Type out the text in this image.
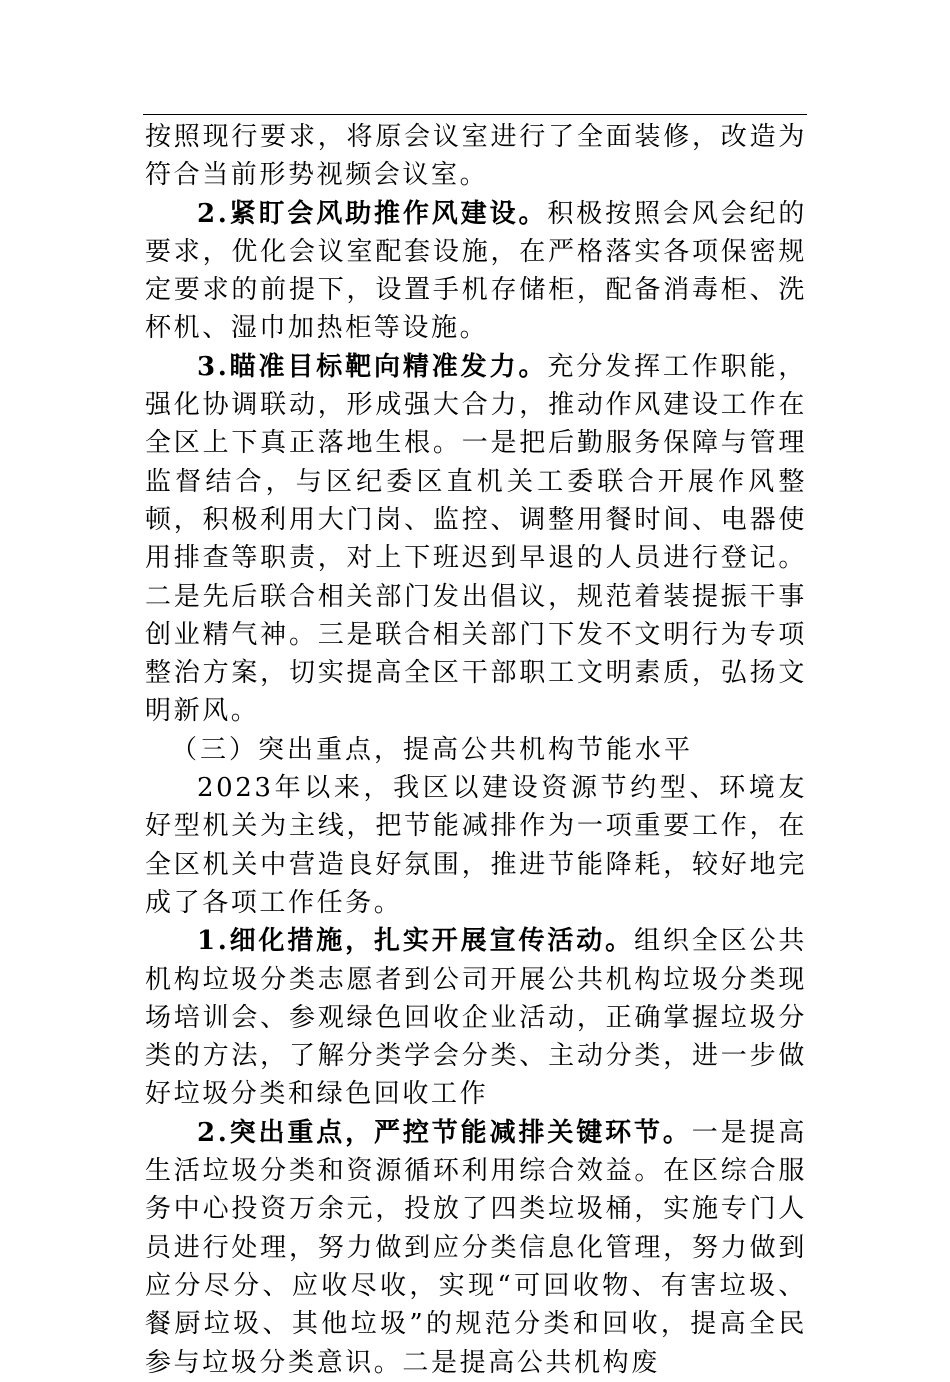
按照现行要求，将原会议室进行了全面装修，改造为符合当前形势视频会议室。

2.紧盯会风助推作风建设。积极按照会风会纪的要求，优化会议室配套设施，在严格落实各项保密规定要求的前提下，设置手机存储柜，配备消毒柜、洗杯机、湿巾加热柜等设施。

3.瞄准目标靶向精准发力。充分发挥工作职能，强化协调联动，形成强大合力，推动作风建设工作在全区上下真正落地生根。一是把后勤服务保障与管理监督结合，与区纪委区直机关工委联合开展作风整顿，积极利用大门岗、监控、调整用餐时间、电器使用排查等职责，对上下班迟到早退的人员进行登记。二是先后联合相关部门发出倡议，规范着装提振干事创业精气神。三是联合相关部门下发不文明行为专项整治方案，切实提高全区干部职工文明素质，弘扬文明新风。

（三）突出重点，提高公共机构节能水平

2023年以来，我区以建设资源节约型、环境友好型机关为主线，把节能减排作为一项重要工作，在全区机关中营造良好氛围，推进节能降耗，较好地完成了各项工作任务。

1.细化措施，扎实开展宣传活动。组织全区公共机构垃圾分类志愿者到公司开展公共机构垃圾分类现场培训会、参观绿色回收企业活动，正确掌握垃圾分类的方法，了解分类学会分类、主动分类，进一步做好垃圾分类和绿色回收工作

2.突出重点，严控节能减排关键环节。一是提高生活垃圾分类和资源循环利用综合效益。在区综合服务中心投资万余元，投放了四类垃圾桶，实施专门人员进行处理，努力做到应分类信息化管理，努力做到应分尽分、应收尽收，实现“可回收物、有害垃圾、餐厨垃圾、其他垃圾”的规范分类和回收，提高全民参与垃圾分类意识。二是提高公共机构废
